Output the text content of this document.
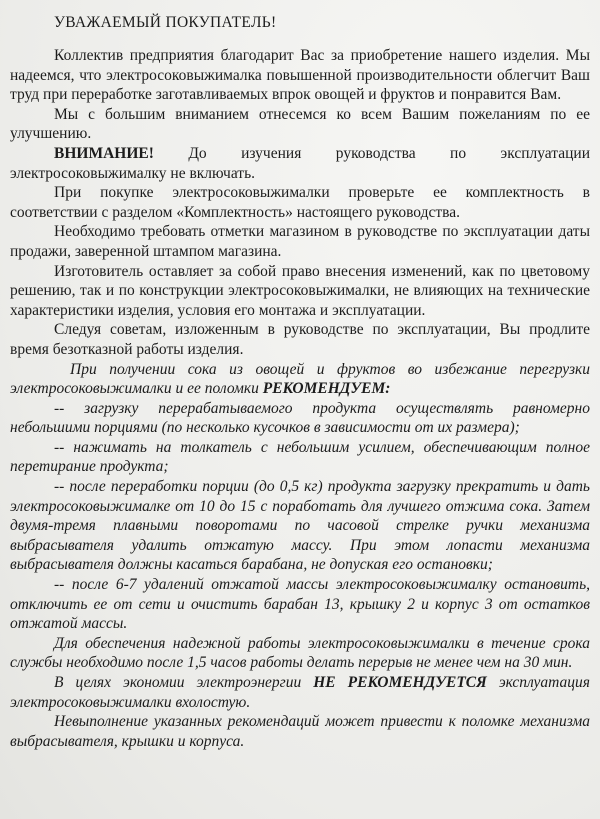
УВАЖАЕМЫЙ ПОКУПАТЕЛЬ!

Коллектив предприятия благодарит Вас за приобретение нашего изделия. Мы надеемся, что электросоковыжималка повышенной производительности облегчит Ваш труд при переработке заготавливаемых впрок овощей и фруктов и понравится Вам.

Мы с большим вниманием отнесемся ко всем Вашим пожеланиям по ее улучшению.

ВНИМАНИЕ! До изучения руководства по эксплуатации электросоковыжималку не включать.

При покупке электросоковыжималки проверьте ее комплектность в соответствии с разделом «Комплектность» настоящего руководства.

Необходимо требовать отметки магазином в руководстве по эксплуатации даты продажи, заверенной штампом магазина.

Изготовитель оставляет за собой право внесения изменений, как по цветовому решению, так и по конструкции электросоковыжималки, не влияющих на технические характеристики изделия, условия его монтажа и эксплуатации.

Следуя советам, изложенным в руководстве по эксплуатации, Вы продлите время безотказной работы изделия.

При получении сока из овощей и фруктов во избежание перегрузки электросоковыжималки и ее поломки РЕКОМЕНДУЕМ:

-- загрузку перерабатываемого продукта осуществлять равномерно небольшими порциями (по несколько кусочков в зависимости от их размера);

-- нажимать на толкатель с небольшим усилием, обеспечивающим полное перетирание продукта;

-- после переработки порции (до 0,5 кг) продукта загрузку прекратить и дать электросоковыжималке от 10 до 15 с поработать для лучшего отжима сока. Затем двумя-тремя плавными поворотами по часовой стрелке ручки механизма выбрасывателя удалить отжатую массу. При этом лопасти механизма выбрасывателя должны касаться барабана, не допуская его остановки;

-- после 6-7 удалений отжатой массы электросоковыжималку остановить, отключить ее от сети и очистить барабан 13, крышку 2 и корпус 3 от остатков отжатой массы.

Для обеспечения надежной работы электросоковыжималки в течение срока службы необходимо после 1,5 часов работы делать перерыв не менее чем на 30 мин.

В целях экономии электроэнергии НЕ РЕКОМЕНДУЕТСЯ эксплуатация электросоковыжималки вхолостую.

Невыполнение указанных рекомендаций может привести к поломке механизма выбрасывателя, крышки и корпуса.
